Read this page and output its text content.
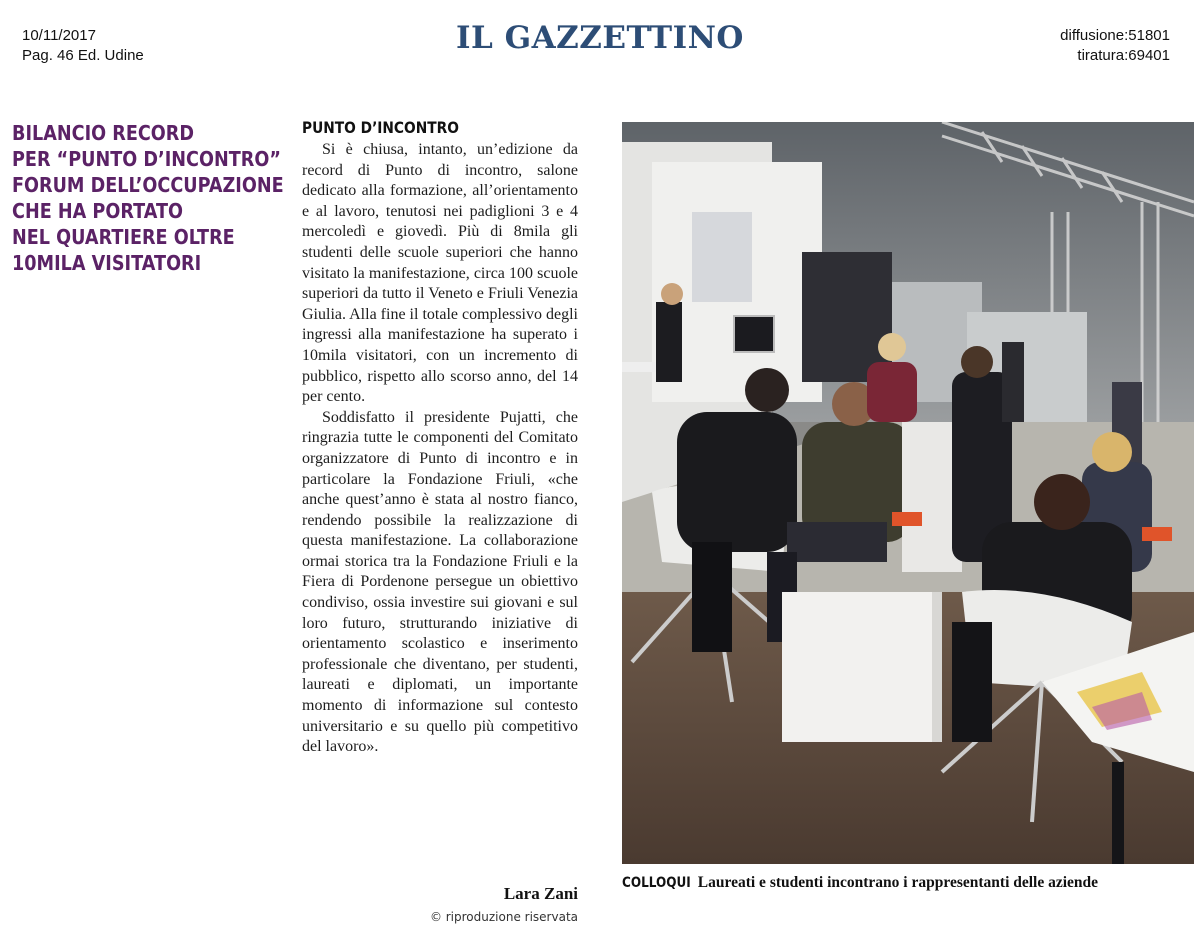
10/11/2017
Pag. 46 Ed. Udine	IL GAZZETTINO	diffusione:51801
tiratura:69401
BILANCIO RECORD
PER “PUNTO D’INCONTRO”
FORUM DELL’OCCUPAZIONE
CHE HA PORTATO
NEL QUARTIERE OLTRE
10MILA VISITATORI
PUNTO D’INCONTRO

Si è chiusa, intanto, un’edizione da record di Punto di incontro, salone dedicato alla formazione, all’orientamento e al lavoro, tenutosi nei padiglioni 3 e 4 mercoledì e giovedì. Più di 8mila gli studenti delle scuole superiori che hanno visitato la manifestazione, circa 100 scuole superiori da tutto il Veneto e Friuli Venezia Giulia. Alla fine il totale complessivo degli ingressi alla manifestazione ha superato i 10mila visitatori, con un incremento di pubblico, rispetto allo scorso anno, del 14 per cento.

Soddisfatto il presidente Pujatti, che ringrazia tutte le componenti del Comitato organizzatore di Punto di incontro e in particolare la Fondazione Friuli, «che anche quest’anno è stata al nostro fianco, rendendo possibile la realizzazione di questa manifestazione. La collaborazione ormai storica tra la Fondazione Friuli e la Fiera di Pordenone persegue un obiettivo condiviso, ossia investire sui giovani e sul loro futuro, strutturando iniziative di orientamento scolastico e inserimento professionale che diventano, per studenti, laureati e diplomati, un importante momento di informazione sul contesto universitario e su quello più competitivo del lavoro».

Lara Zani
© riproduzione riservata
COLLOQUI Laureati e studenti incontrano i rappresentanti delle aziende
